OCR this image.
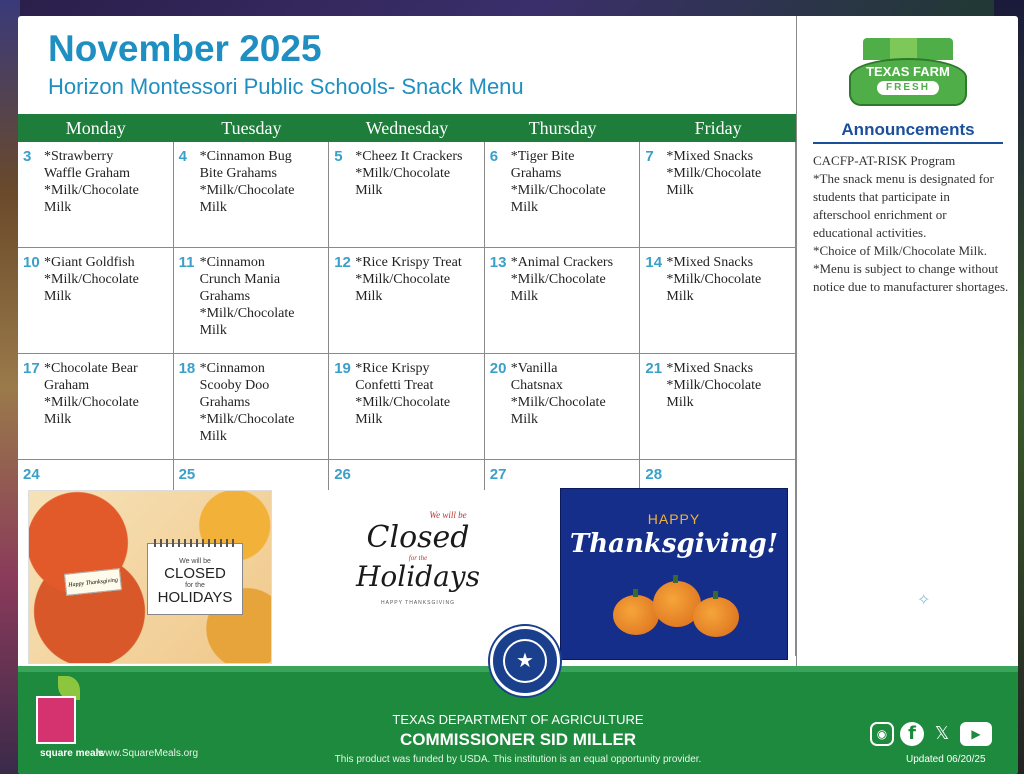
November 2025
Horizon Montessori Public Schools- Snack Menu
Monday	Tuesday	Wednesday	Thursday	Friday
3 *Strawberry
Waffle Graham
*Milk/Chocolate
Milk
4 *Cinnamon Bug
Bite Grahams
*Milk/Chocolate
Milk
5 *Cheez It Crackers
*Milk/Chocolate
Milk
6 *Tiger Bite
Grahams
*Milk/Chocolate
Milk
7 *Mixed Snacks
*Milk/Chocolate
Milk
10 *Giant Goldfish
*Milk/Chocolate
Milk
11 *Cinnamon
Crunch Mania
Grahams
*Milk/Chocolate
Milk
12 *Rice Krispy Treat
*Milk/Chocolate
Milk
13 *Animal Crackers
*Milk/Chocolate
Milk
14 *Mixed Snacks
*Milk/Chocolate
Milk
17 *Chocolate Bear
Graham
*Milk/Chocolate
Milk
18 *Cinnamon
Scooby Doo
Grahams
*Milk/Chocolate
Milk
19 *Rice Krispy
Confetti Treat
*Milk/Chocolate
Milk
20 *Vanilla
Chatsnax
*Milk/Chocolate
Milk
21 *Mixed Snacks
*Milk/Chocolate
Milk
24	25	26	27	28
Happy Thanksgiving
We will be
CLOSED
for the
HOLIDAYS
We will be
Closed
for the
Holidays
HAPPY THANKSGIVING
HAPPY
Thanksgiving!
TEXAS FARM
FRESH
Announcements

CACFP-AT-RISK Program

*The snack menu is designated for students that participate in afterschool enrichment or educational activities.

*Choice of Milk/Chocolate Milk.

*Menu is subject to change without notice due to manufacturer shortages.

✧
square meals
www.SquareMeals.org
★
TEXAS DEPARTMENT OF AGRICULTURE
COMMISSIONER SID MILLER
This product was funded by USDA. This institution is an equal opportunity provider.
◉	f	𝕏	▶
Updated 06/20/25
